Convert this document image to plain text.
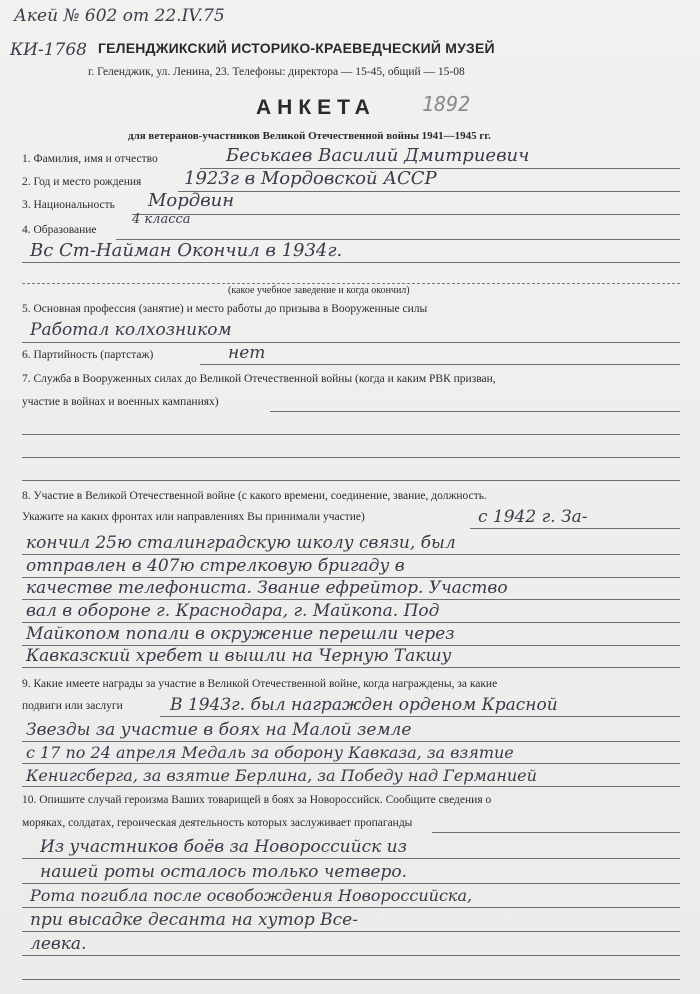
Акей № 602 от 22.IV.75
КИ-1768 ГЕЛЕНДЖИКСКИЙ ИСТОРИКО-КРАЕВЕДЧЕСКИЙ МУЗЕЙ
г. Геленджик, ул. Ленина, 23. Телефоны: директора — 15-45, общий — 15-08
АНКЕТА 1892
для ветеранов-участников Великой Отечественной войны 1941—1945 гг.
1. Фамилия, имя и отчество	Беськаев Василий Дмитриевич
2. Год и место рождения 1923г в Мордовской АССР
3. Национальность Мордвин
4 класса
4. Образование
Вс Ст-Найман Окончил в 1934г.
(какое учебное заведение и когда окончил)
5. Основная профессия (занятие) и место работы до призыва в Вооруженные силы
Работал колхозником
6. Партийность (партстаж)	нет
7. Служба в Вооруженных силах до Великой Отечественной войны (когда и каким РВК призван,
участие в войнах и военных кампаниях)
8. Участие в Великой Отечественной войне (с какого времени, соединение, звание, должность.
Укажите на каких фронтах или направлениях Вы принимали участие)	с 1942 г. За-
кончил 25ю сталинградскую школу связи, был
отправлен в 407ю стрелковую бригаду в
качестве телефониста. Звание ефрейтор. Участво
вал в обороне г. Краснодара, г. Майкопа. Под
Майкопом попали в окружение перешли через
Кавказский хребет и вышли на Черную Такшу
9. Какие имеете награды за участие в Великой Отечественной войне, когда награждены, за какие
подвиги или заслуги	В 1943г. был награжден орденом Красной
Звезды за участие в боях на Малой земле
с 17 по 24 апреля Медаль за оборону Кавказа, за взятие
Кенигсберга, за взятие Берлина, за Победу над Германией
10. Опишите случай героизма Ваших товарищей в боях за Новороссийск. Сообщите сведения о
моряках, солдатах, героическая деятельность которых заслуживает пропаганды
Из участников боёв за Новороссийск из
нашей роты осталось только четверо.
Рота погибла после освобождения Новороссийска,
при высадке десанта на хутор Все-
левка.
